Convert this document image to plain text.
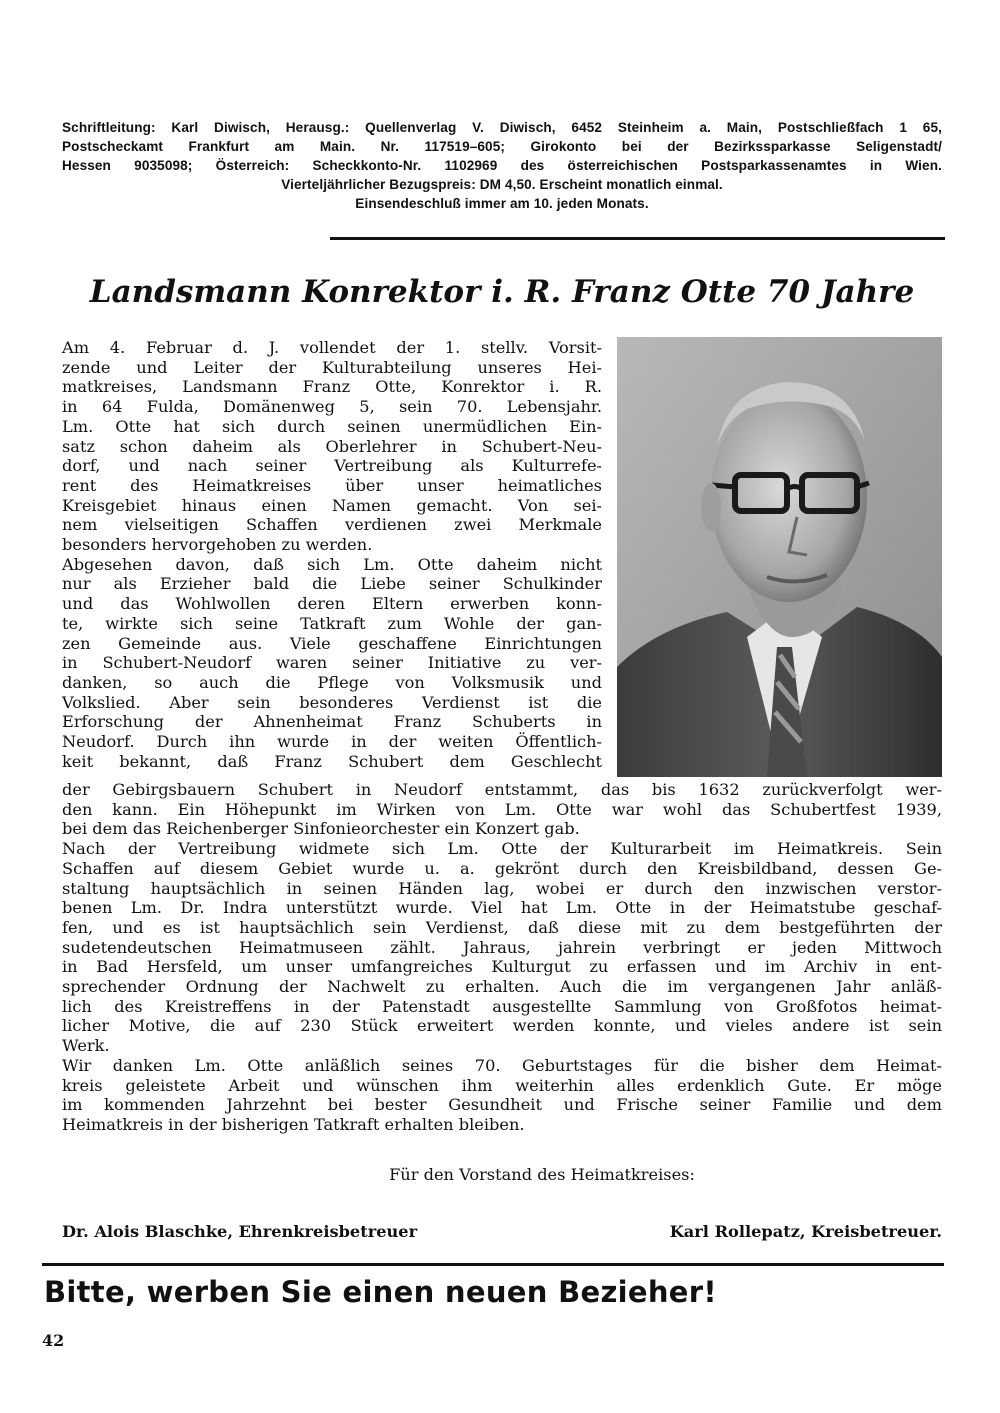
Schriftleitung: Karl Diwisch, Herausg.: Quellenverlag V. Diwisch, 6452 Steinheim a. Main, Postschließfach 1 65,
Postscheckamt Frankfurt am Main. Nr. 117519–605; Girokonto bei der Bezirkssparkasse Seligenstadt/
Hessen 9035098; Österreich: Scheckkonto-Nr. 1102969 des österreichischen Postsparkassenamtes in Wien.
Vierteljährlicher Bezugspreis: DM 4,50. Erscheint monatlich einmal.
Einsendeschluß immer am 10. jeden Monats.
Landsmann Konrektor i. R. Franz Otte 70 Jahre
Am 4. Februar d. J. vollendet der 1. stellv. Vorsit-
zende und Leiter der Kulturabteilung unseres Hei-
matkreises, Landsmann Franz Otte, Konrektor i. R.
in 64 Fulda, Domänenweg 5, sein 70. Lebensjahr.
Lm. Otte hat sich durch seinen unermüdlichen Ein-
satz schon daheim als Oberlehrer in Schubert-Neu-
dorf, und nach seiner Vertreibung als Kulturrefe-
rent des Heimatkreises über unser heimatliches
Kreisgebiet hinaus einen Namen gemacht. Von sei-
nem vielseitigen Schaffen verdienen zwei Merkmale
besonders hervorgehoben zu werden.
Abgesehen davon, daß sich Lm. Otte daheim nicht
nur als Erzieher bald die Liebe seiner Schulkinder
und das Wohlwollen deren Eltern erwerben konn-
te, wirkte sich seine Tatkraft zum Wohle der gan-
zen Gemeinde aus. Viele geschaffene Einrichtungen
in Schubert-Neudorf waren seiner Initiative zu ver-
danken, so auch die Pflege von Volksmusik und
Volkslied. Aber sein besonderes Verdienst ist die
Erforschung der Ahnenheimat Franz Schuberts in
Neudorf. Durch ihn wurde in der weiten Öffentlich-
keit bekannt, daß Franz Schubert dem Geschlecht
der Gebirgsbauern Schubert in Neudorf entstammt, das bis 1632 zurückverfolgt wer-
den kann. Ein Höhepunkt im Wirken von Lm. Otte war wohl das Schubertfest 1939,
bei dem das Reichenberger Sinfonieorchester ein Konzert gab.
Nach der Vertreibung widmete sich Lm. Otte der Kulturarbeit im Heimatkreis. Sein
Schaffen auf diesem Gebiet wurde u. a. gekrönt durch den Kreisbildband, dessen Ge-
staltung hauptsächlich in seinen Händen lag, wobei er durch den inzwischen verstor-
benen Lm. Dr. Indra unterstützt wurde. Viel hat Lm. Otte in der Heimatstube geschaf-
fen, und es ist hauptsächlich sein Verdienst, daß diese mit zu dem bestgeführten der
sudetendeutschen Heimatmuseen zählt. Jahraus, jahrein verbringt er jeden Mittwoch
in Bad Hersfeld, um unser umfangreiches Kulturgut zu erfassen und im Archiv in ent-
sprechender Ordnung der Nachwelt zu erhalten. Auch die im vergangenen Jahr anläß-
lich des Kreistreffens in der Patenstadt ausgestellte Sammlung von Großfotos heimat-
licher Motive, die auf 230 Stück erweitert werden konnte, und vieles andere ist sein
Werk.
Wir danken Lm. Otte anläßlich seines 70. Geburtstages für die bisher dem Heimat-
kreis geleistete Arbeit und wünschen ihm weiterhin alles erdenklich Gute. Er möge
im kommenden Jahrzehnt bei bester Gesundheit und Frische seiner Familie und dem
Heimatkreis in der bisherigen Tatkraft erhalten bleiben.
Für den Vorstand des Heimatkreises:
Dr. Alois Blaschke, Ehrenkreisbetreuer	Karl Rollepatz, Kreisbetreuer.
Bitte, werben Sie einen neuen Bezieher!
42
